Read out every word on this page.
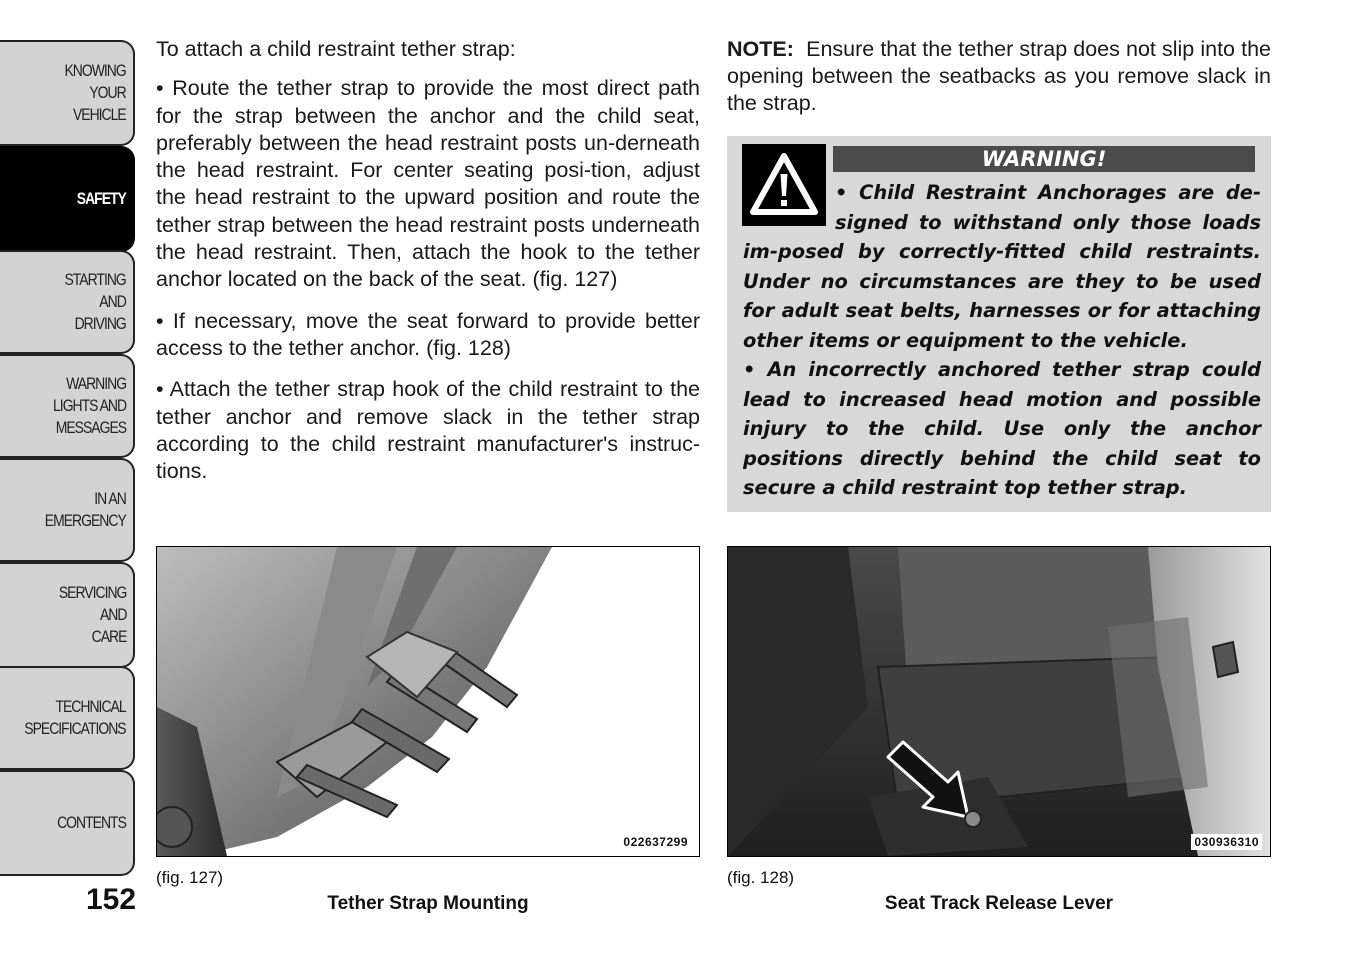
KNOWING
YOUR
VEHICLE
SAFETY
STARTING
AND
DRIVING
WARNING
LIGHTS AND
MESSAGES
IN AN
EMERGENCY
SERVICING
AND
CARE
TECHNICAL
SPECIFICATIONS
CONTENTS
152

To attach a child restraint tether strap:

• Route the tether strap to provide the most direct path for the strap between the anchor and the child seat, preferably between the head restraint posts un-derneath the head restraint. For center seating posi-tion, adjust the head restraint to the upward position and route the tether strap between the head restraint posts underneath the head restraint. Then, attach the hook to the tether anchor located on the back of the seat. (fig. 127)

• If necessary, move the seat forward to provide better access to the tether anchor. (fig. 128)

• Attach the tether strap hook of the child restraint to the tether anchor and remove slack in the tether strap according to the child restraint manufacturer's instruc-tions.

NOTE: Ensure that the tether strap does not slip into the opening between the seatbacks as you remove slack in the strap.
WARNING!

• Child Restraint Anchorages are de-signed to withstand only those loads im-posed by correctly-fitted child restraints. Under no circumstances are they to be used for adult seat belts, harnesses or for attaching other items or equipment to the vehicle.

• An incorrectly anchored tether strap could lead to increased head motion and possible injury to the child. Use only the anchor positions directly behind the child seat to secure a child restraint top tether strap.

022637299
(fig. 127)
Tether Strap Mounting
030936310
(fig. 128)
Seat Track Release Lever
